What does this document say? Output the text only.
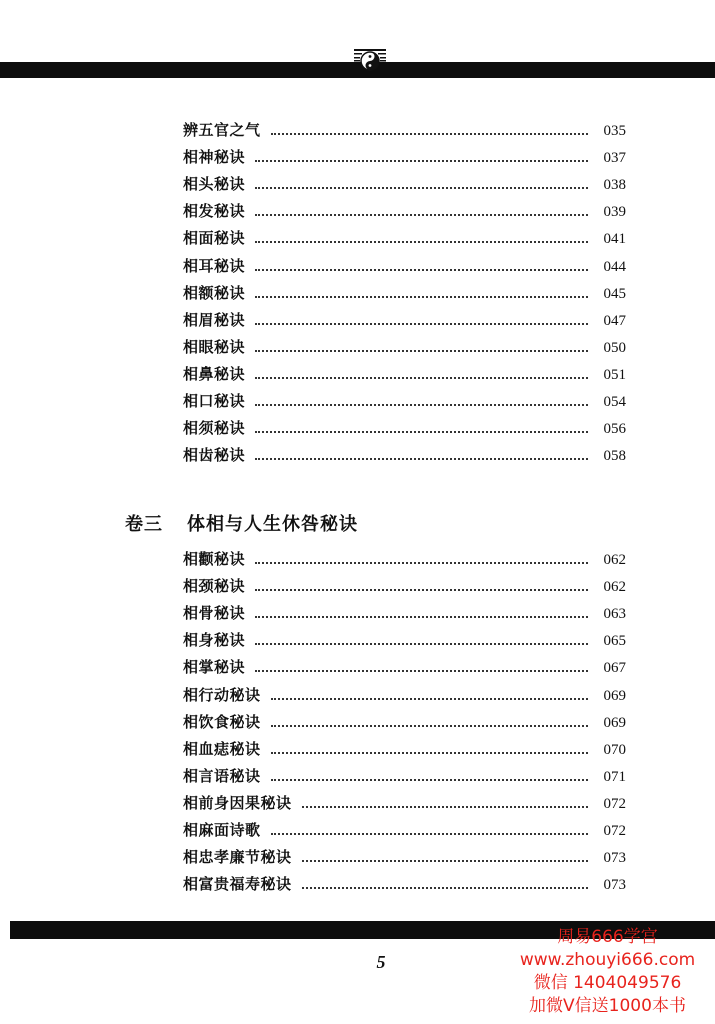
辨五官之气	035
相神秘诀	037
相头秘诀	038
相发秘诀	039
相面秘诀	041
相耳秘诀	044
相额秘诀	045
相眉秘诀	047
相眼秘诀	050
相鼻秘诀	051
相口秘诀	054
相须秘诀	056
相齿秘诀	058
卷三 体相与人生休咎秘诀
相颧秘诀	062
相颈秘诀	062
相骨秘诀	063
相身秘诀	065
相掌秘诀	067
相行动秘诀	069
相饮食秘诀	069
相血痣秘诀	070
相言语秘诀	071
相前身因果秘诀	072
相麻面诗歌	072
相忠孝廉节秘诀	073
相富贵福寿秘诀	073
5
周易666学宫
www.zhouyi666.com
微信 1404049576
加微V信送1000本书
